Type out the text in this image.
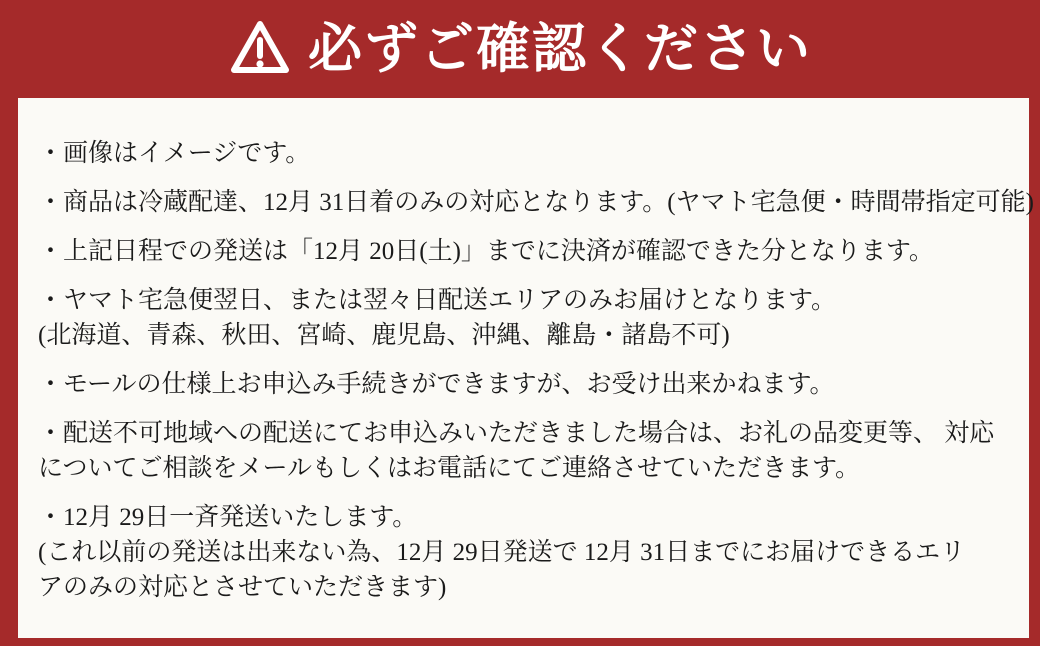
必ずご確認ください
・画像はイメージです。
・商品は冷蔵配達、12月 31日着のみの対応となります。(ヤマト宅急便・時間帯指定可能)
・上記日程での発送は「12月 20日(土)」までに決済が確認できた分となります。
・ヤマト宅急便翌日、または翌々日配送エリアのみお届けとなります。
(北海道、青森、秋田、宮崎、鹿児島、沖縄、離島・諸島不可)
・モールの仕様上お申込み手続きができますが、お受け出来かねます。
・配送不可地域への配送にてお申込みいただきました場合は、お礼の品変更等、 対応
についてご相談をメールもしくはお電話にてご連絡させていただきます。
・12月 29日一斉発送いたします。
(これ以前の発送は出来ない為、12月 29日発送で 12月 31日までにお届けできるエリ
アのみの対応とさせていただきます)
